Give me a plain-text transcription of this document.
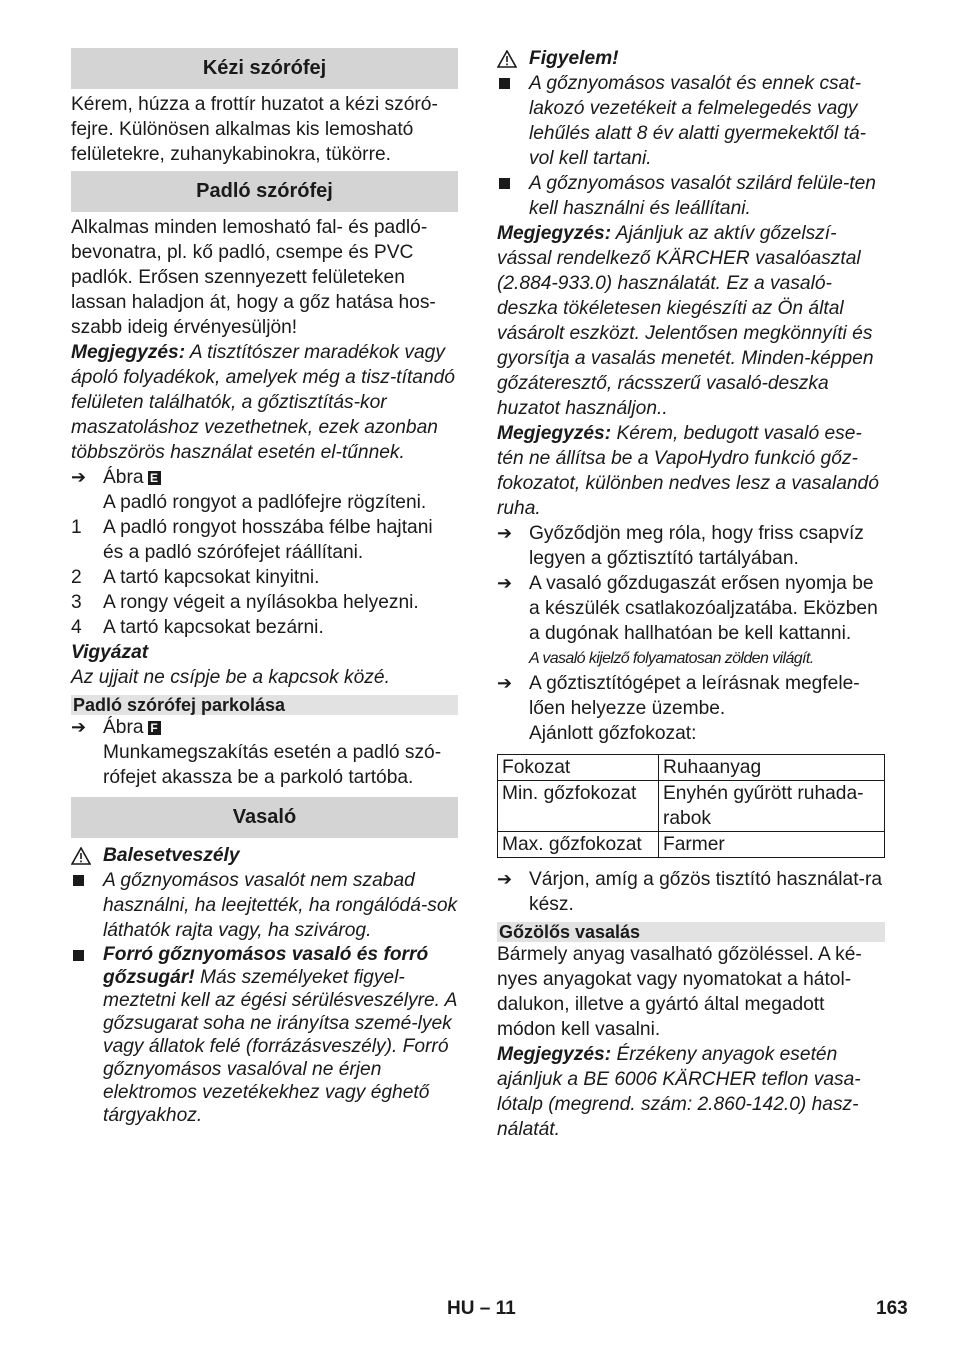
Kézi szórófej

Kérem, húzza a frottír huzatot a kézi szóró-fejre. Különösen alkalmas kis lemosható felületekre, zuhanykabinokra, tükörre.

Padló szórófej

Alkalmas minden lemosható fal- és padló-bevonatra, pl. kő padló, csempe és PVC padlók. Erősen szennyezett felületeken lassan haladjon át, hogy a gőz hatása hos-szabb ideig érvényesüljön!

Megjegyzés: A tisztítószer maradékok vagy ápoló folyadékok, amelyek még a tisz-títandó felületen találhatók, a gőztisztítás-kor maszatoláshoz vezethetnek, ezek azonban többszörös használat esetén el-tűnnek.

➔ Ábra E
A padló rongyot a padlófejre rögzíteni.
1	A padló rongyot hosszába félbe hajtani és a padló szórófejet ráállítani.
2	A tartó kapcsokat kinyitni.
3	A rongy végeit a nyílásokba helyezni.
4	A tartó kapcsokat bezárni.

Vigyázat

Az ujjait ne csípje be a kapcsok közé.

Padló szórófej parkolása
➔ Ábra F
Munkamegszakítás esetén a padló szó-rófejet akassza be a parkoló tartóba.
Vasaló
Balesetveszély
A gőznyomásos vasalót nem szabad használni, ha leejtették, ha rongálódá-sok láthatók rajta vagy, ha szivárog.
Forró gőznyomásos vasaló és forró gőzsugár! Más személyeket figyel-meztetni kell az égési sérülésveszélyre. A gőzsugarat soha ne irányítsa szemé-lyek vagy állatok felé (forrázásveszély). Forró gőznyomásos vasalóval ne érjen elektromos vezetékekhez vagy éghető tárgyakhoz.
Figyelem!
A gőznyomásos vasalót és ennek csat-lakozó vezetékeit a felmelegedés vagy lehűlés alatt 8 év alatti gyermekektől tá-vol kell tartani.
A gőznyomásos vasalót szilárd felüle-ten kell használni és leállítani.

Megjegyzés: Ajánljuk az aktív gőzelszí-vással rendelkező KÄRCHER vasalóasztal (2.884-933.0) használatát. Ez a vasaló-deszka tökéletesen kiegészíti az Ön által vásárolt eszközt. Jelentősen megkönnyíti és gyorsítja a vasalás menetét. Minden-képpen gőzáteresztő, rácsszerű vasaló-deszka huzatot használjon..

Megjegyzés: Kérem, bedugott vasaló ese-tén ne állítsa be a VapoHydro funkció gőz-fokozatot, különben nedves lesz a vasalandó ruha.

➔ Győződjön meg róla, hogy friss csapvíz legyen a gőztisztító tartályában.
➔ A vasaló gőzdugaszát erősen nyomja be a készülék csatlakozóaljzatába. Eközben a dugónak hallhatóan be kell kattanni.
A vasaló kijelző folyamatosan zölden világít.
➔ A gőztisztítógépet a leírásnak megfele-lően helyezze üzembe.
Ajánlott gőzfokozat:
Fokozat	Ruhaanyag
Min. gőzfokozat	Enyhén gyűrött ruhada-rabok
Max. gőzfokozat	Farmer
➔ Várjon, amíg a gőzös tisztító használat-ra kész.
Gőzölős vasalás

Bármely anyag vasalható gőzöléssel. A ké-nyes anyagokat vagy nyomatokat a hátol-dalukon, illetve a gyártó által megadott módon kell vasalni.

Megjegyzés: Érzékeny anyagok esetén ajánljuk a BE 6006 KÄRCHER teflon vasa-lótalp (megrend. szám: 2.860-142.0) hasz-nálatát.

HU – 11	163
